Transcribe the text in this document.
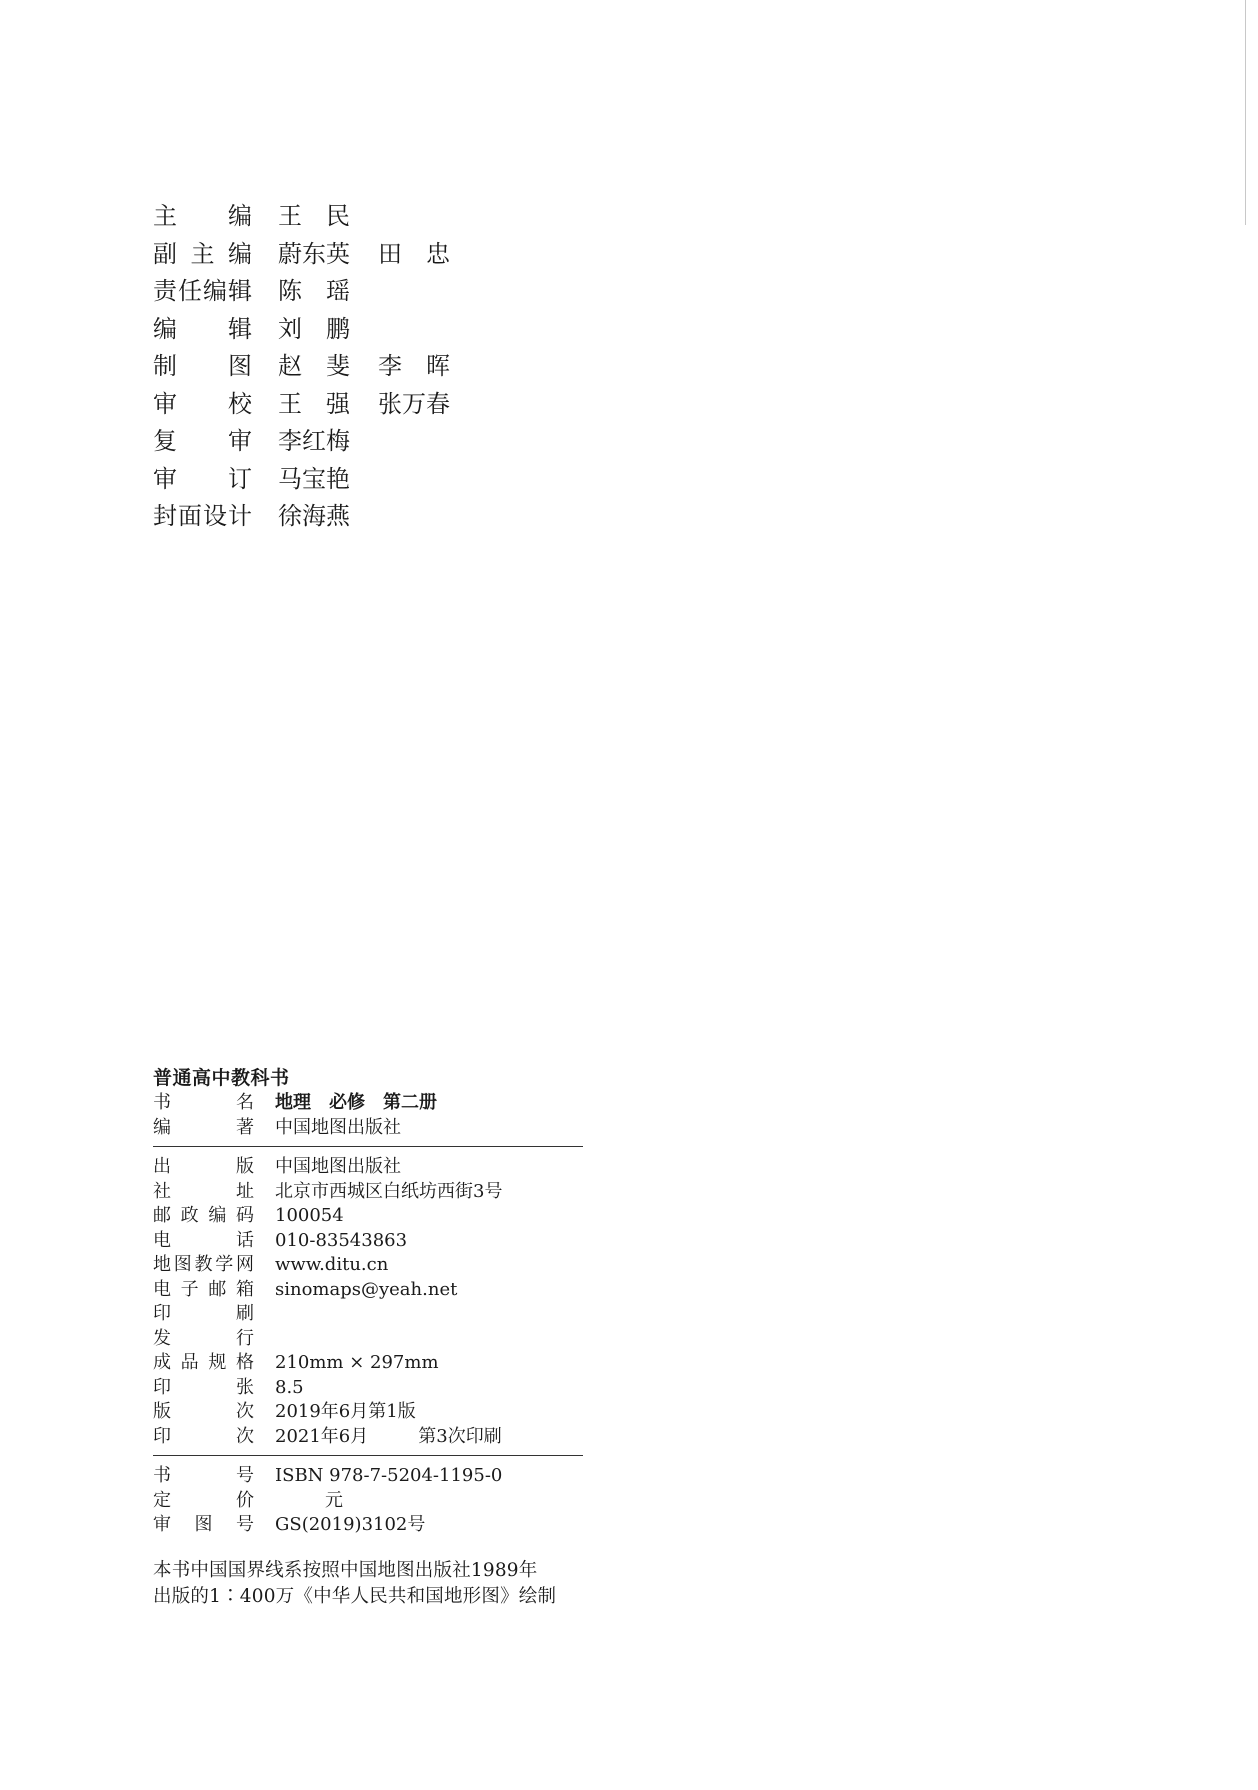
主 编 王　民
副 主 编 蔚东英 田　忠
责 任 编 辑 陈　瑶
编 辑 刘　鹏
制 图 赵　斐 李　晖
审 校 王　强 张万春
复 审 李红梅
审 订 马宝艳
封 面 设 计 徐海燕
普通高中教科书
书	名 地理　必修　第二册
编	著 中国地图出版社
出	版 中国地图出版社
社	址 北京市西城区白纸坊西街3号
邮 政 编 码 100054
电	话 010-83543863
地 图 教 学 网 www.ditu.cn
电 子 邮 箱 sinomaps@yeah.net
印	刷
发	行
成 品 规 格 210mm × 297mm
印	张 8.5
版	次 2019年6月第1版
印	次 2021年6月	第3次印刷
书	号 ISBN 978-7-5204-1195-0
定	价	元
审 图 号 GS(2019)3102号
本书中国国界线系按照中国地图出版社1989年
出版的1∶400万《中华人民共和国地形图》绘制
